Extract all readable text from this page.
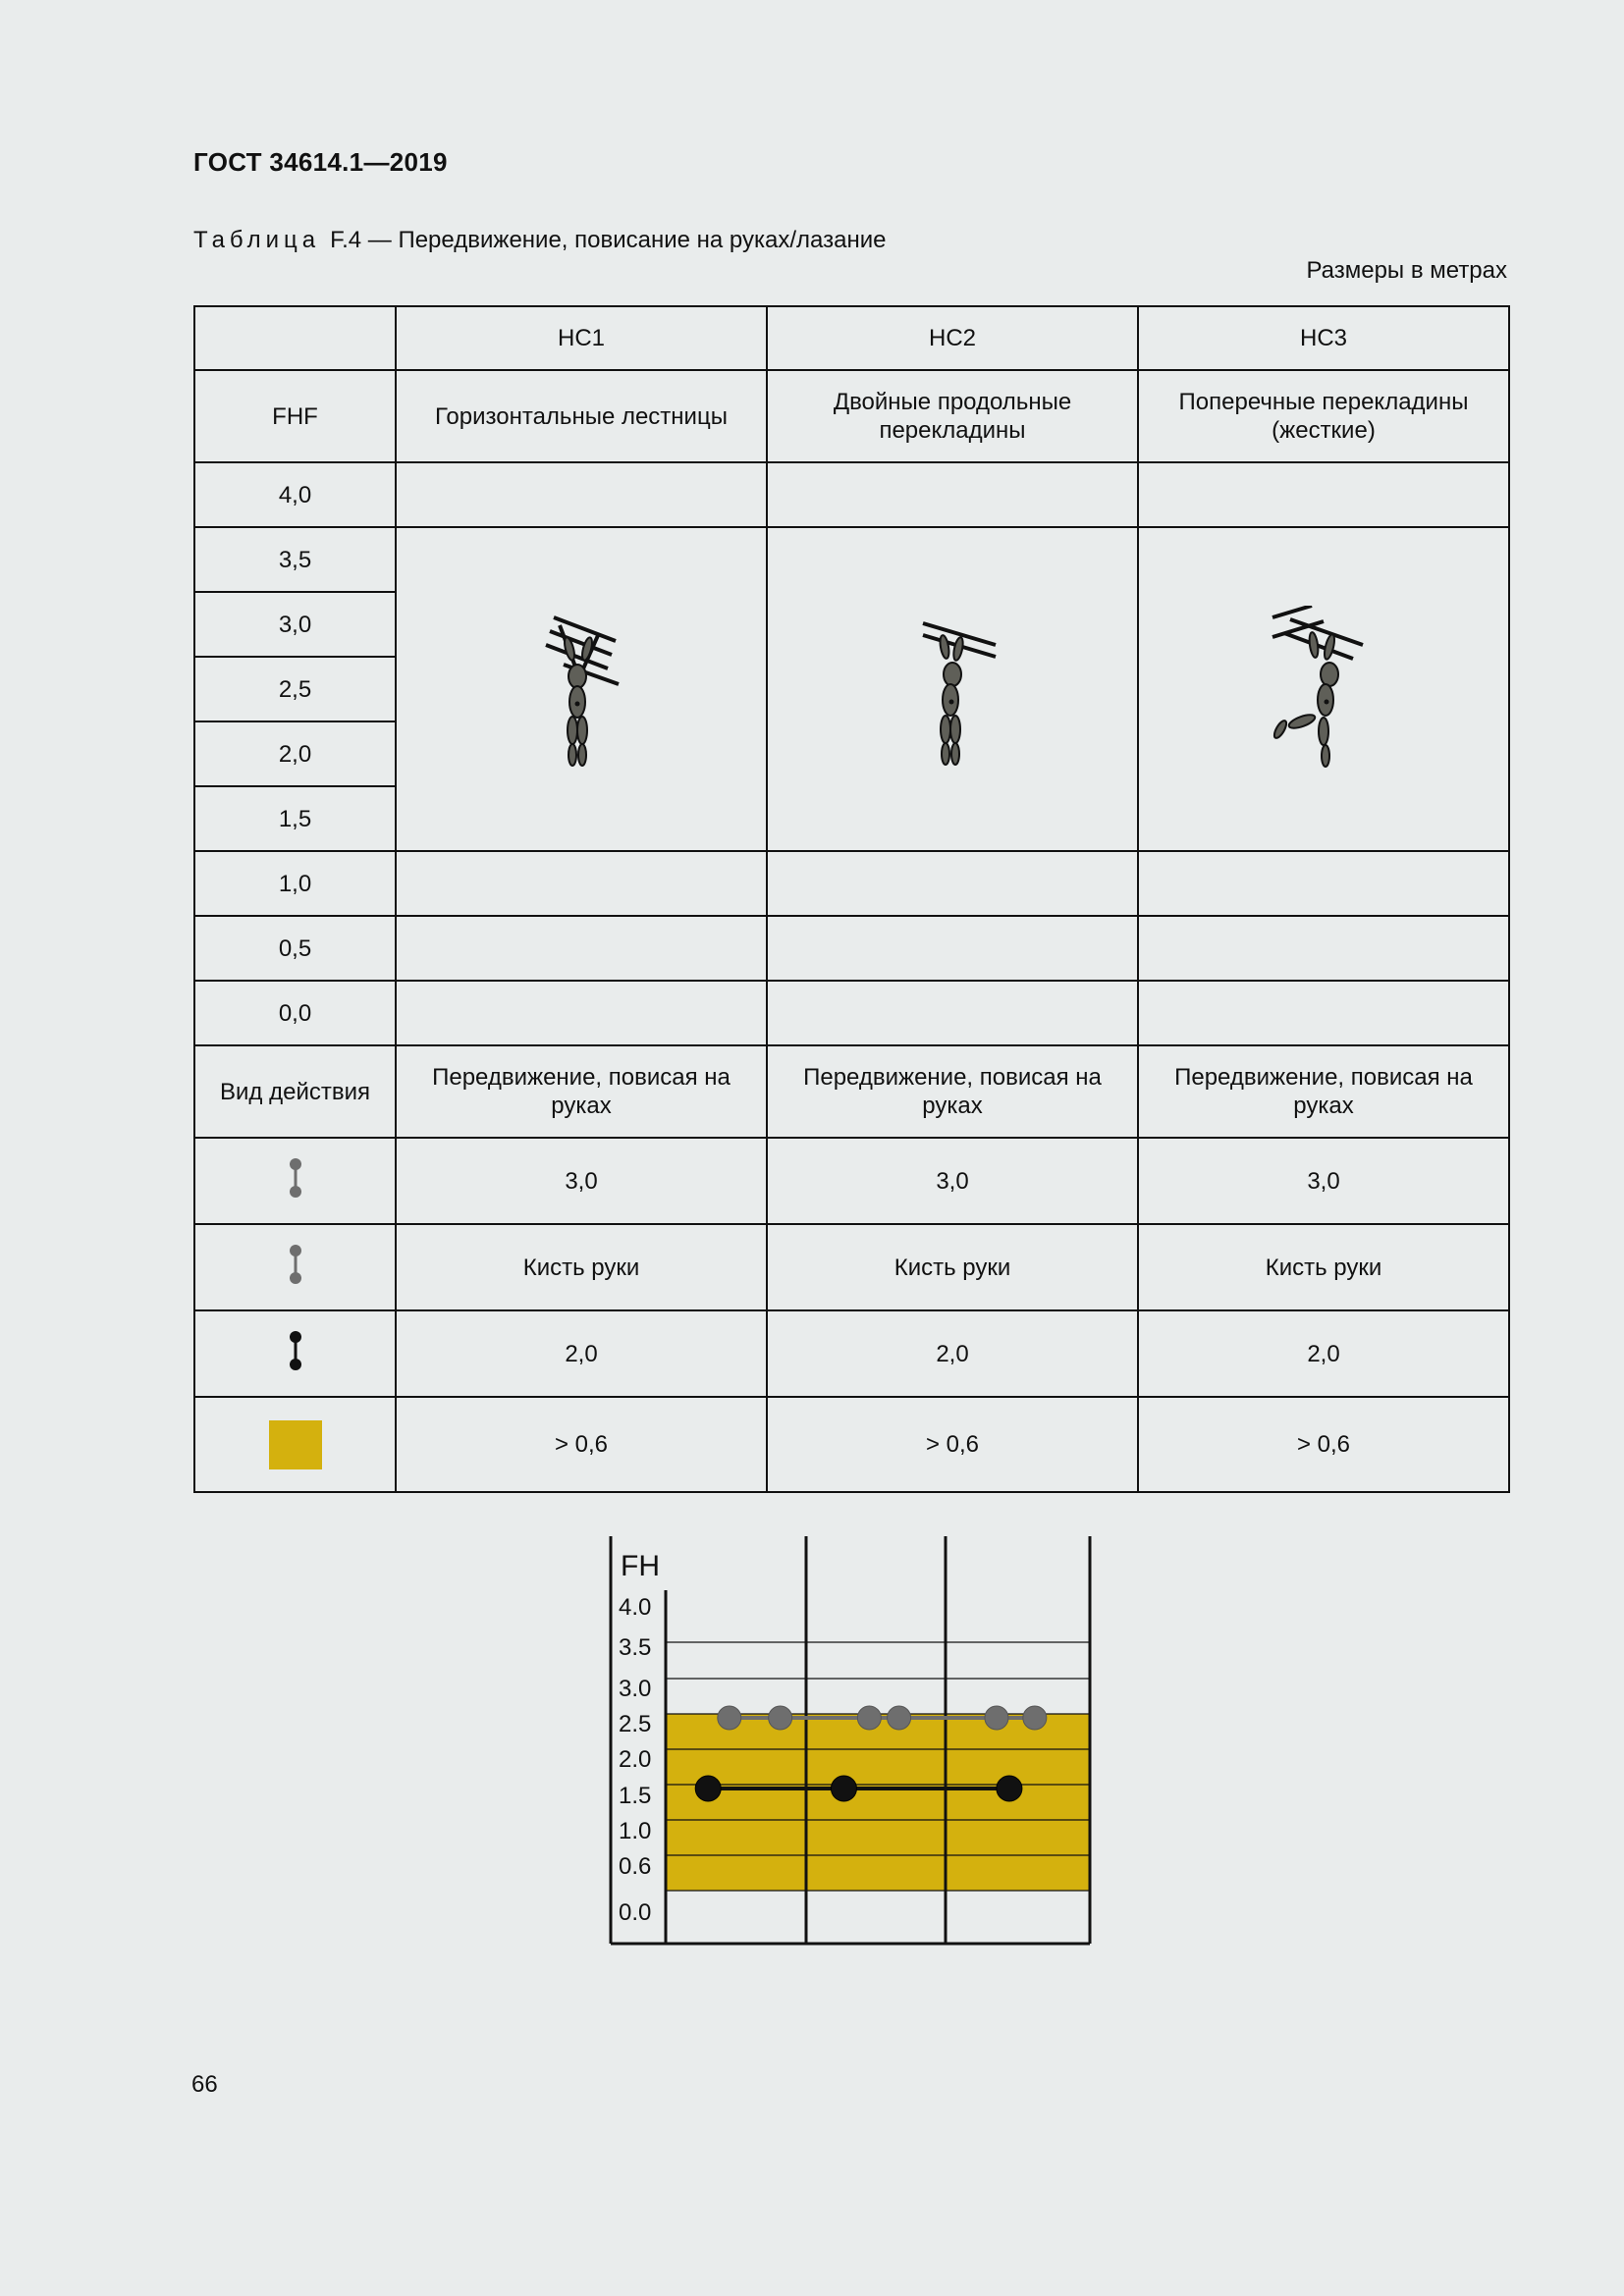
ГОСТ 34614.1—2019
Таблица F.4 — Передвижение, повисание на руках/лазание
Размеры в метрах
	HC1	HC2	HC3
FHF	Горизонтальные лестницы	Двойные продольные перекладины	Поперечные перекладины (жесткие)
4,0			
3,5	

3,0			
2,5			
2,0			
1,5			
1,0			
0,5			
0,0			
Вид действия	Передвижение, повисая на руках	Передвижение, повисая на руках	Передвижение, повисая на руках
	3,0	3,0	3,0
	Кисть руки	Кисть руки	Кисть руки
	2,0	2,0	2,0
	> 0,6	> 0,6	> 0,6
FH
4.0
3.5
3.0
2.5
2.0
1.5
1.0
0.6
0.0
66
